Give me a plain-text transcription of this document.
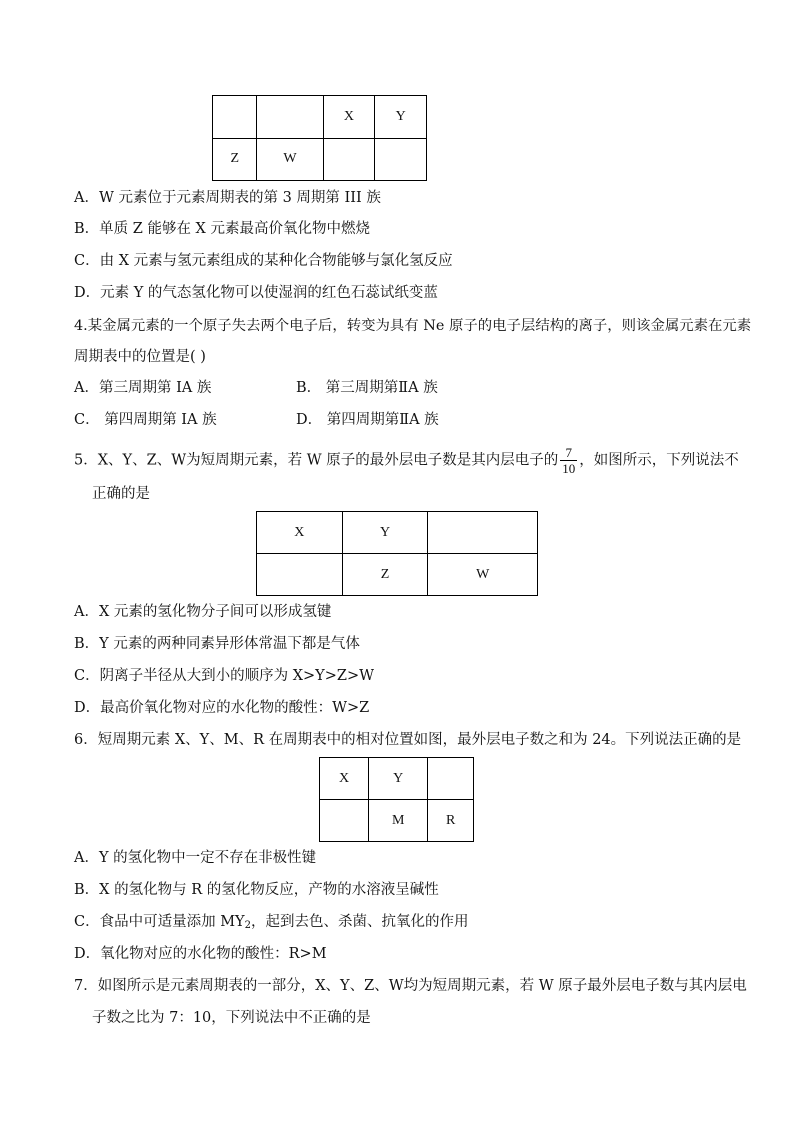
		X	Y
Z	W		
A．W 元素位于元素周期表的第 3 周期第 III 族
B．单质 Z 能够在 X 元素最高价氧化物中燃烧
C．由 X 元素与氢元素组成的某种化合物能够与氯化氢反应
D．元素 Y 的气态氢化物可以使湿润的红色石蕊试纸变蓝
4.某金属元素的一个原子失去两个电子后，转变为具有 Ne 原子的电子层结构的离子，则该金属元素在元素
周期表中的位置是( )
A．第三周期第 IA 族	B． 第三周期第ⅡA 族
C． 第四周期第 IA 族	D． 第四周期第ⅡA 族
5．X、Y、Z、W为短周期元素，若 W 原子的最外层电子数是其内层电子的 $\frac{7}{10}$ ，如图所示，下列说法不
正确的是
X	Y	
	Z	W
A．X 元素的氢化物分子间可以形成氢键
B．Y 元素的两种同素异形体常温下都是气体
C．阴离子半径从大到小的顺序为 X>Y>Z>W
D．最高价氧化物对应的水化物的酸性：W>Z
6．短周期元素 X、Y、M、R 在周期表中的相对位置如图，最外层电子数之和为 24。下列说法正确的是
X	Y	
	M	R
A．Y 的氢化物中一定不存在非极性键
B．X 的氢化物与 R 的氢化物反应，产物的水溶液呈碱性
C．食品中可适量添加 $MY_2$，起到去色、杀菌、抗氧化的作用
D．氧化物对应的水化物的酸性：R>M
7．如图所示是元素周期表的一部分，X、Y、Z、W均为短周期元素，若 W 原子最外层电子数与其内层电
子数之比为 7：10，下列说法中不正确的是
